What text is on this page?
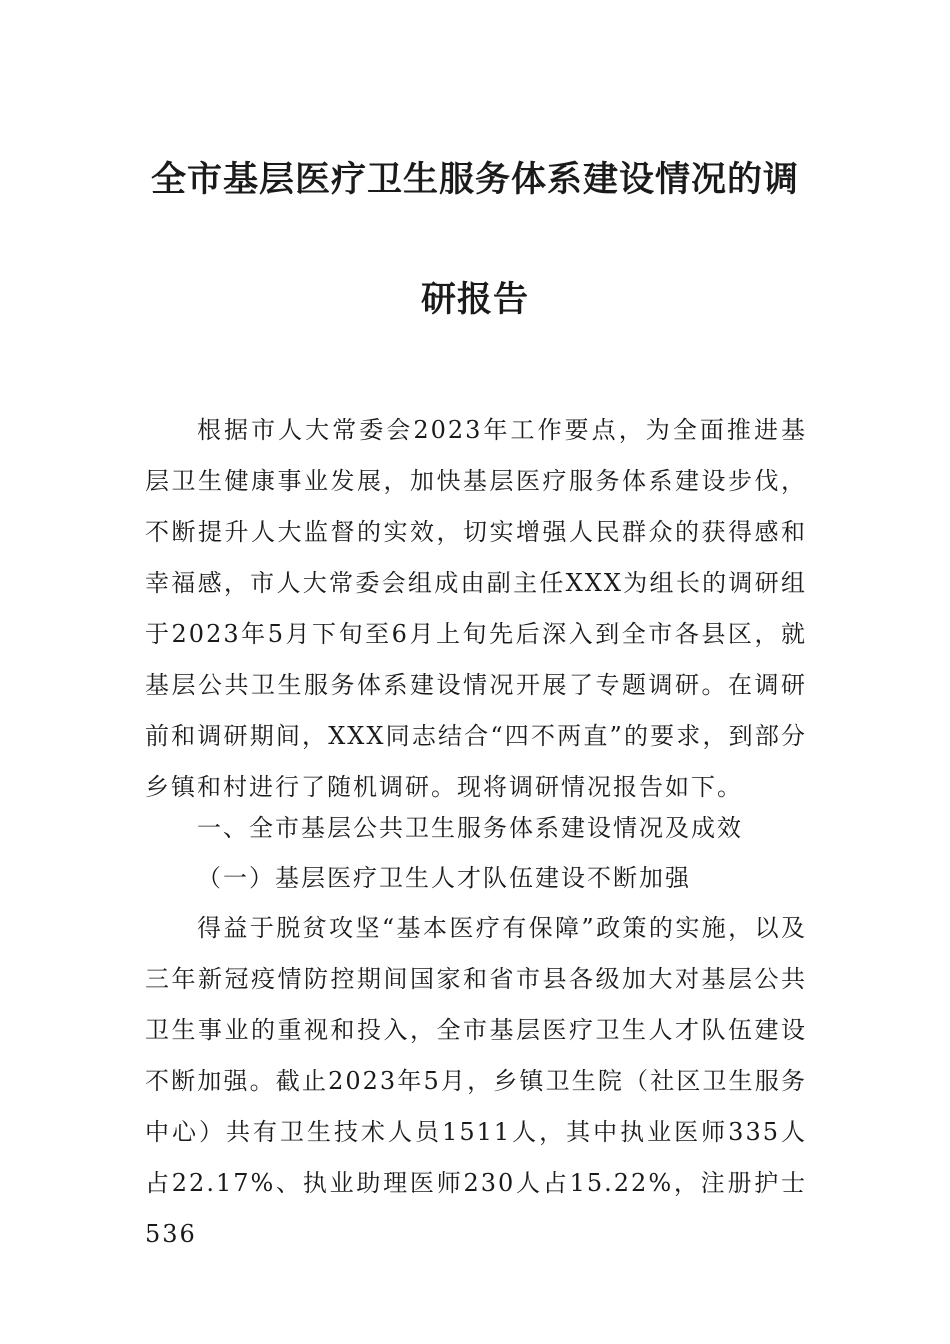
全市基层医疗卫生服务体系建设情况的调
研报告

根据市人大常委会2023年工作要点，为全面推进基层卫生健康事业发展，加快基层医疗服务体系建设步伐，不断提升人大监督的实效，切实增强人民群众的获得感和幸福感，市人大常委会组成由副主任XXX为组长的调研组于2023年5月下旬至6月上旬先后深入到全市各县区，就基层公共卫生服务体系建设情况开展了专题调研。在调研前和调研期间，XXX同志结合“四不两直”的要求，到部分乡镇和村进行了随机调研。现将调研情况报告如下。

一、全市基层公共卫生服务体系建设情况及成效

（一）基层医疗卫生人才队伍建设不断加强

得益于脱贫攻坚“基本医疗有保障”政策的实施，以及三年新冠疫情防控期间国家和省市县各级加大对基层公共卫生事业的重视和投入，全市基层医疗卫生人才队伍建设不断加强。截止2023年5月，乡镇卫生院（社区卫生服务中心）共有卫生技术人员1511人，其中执业医师335人占22.17%、执业助理医师230人占15.22%，注册护士536
